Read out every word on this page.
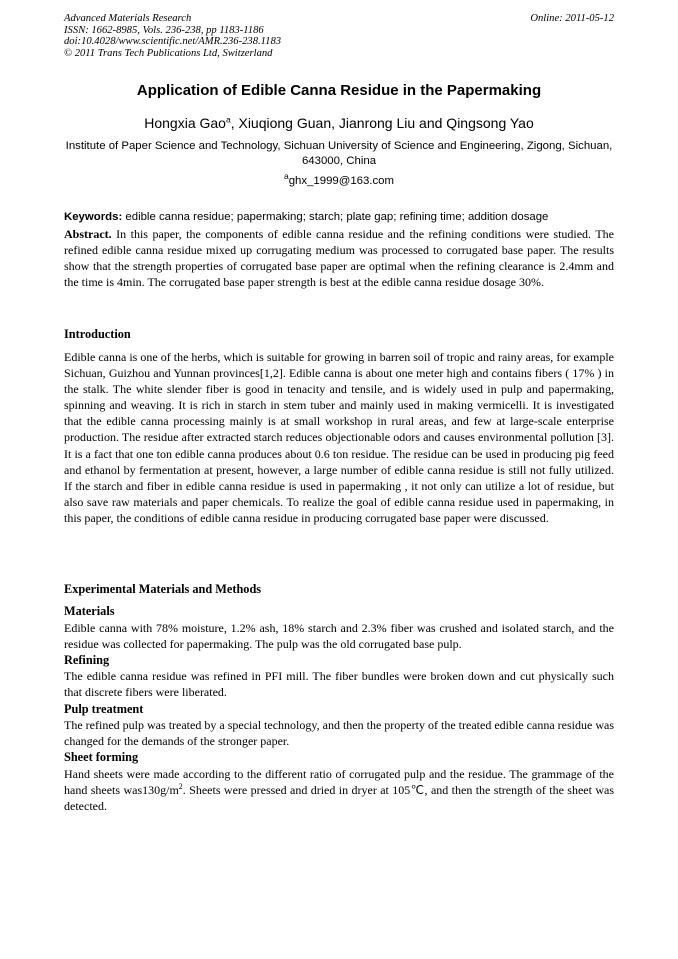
Advanced Materials Research
ISSN: 1662-8985, Vols. 236-238, pp 1183-1186
doi:10.4028/www.scientific.net/AMR.236-238.1183
© 2011 Trans Tech Publications Ltd, Switzerland
Online: 2011-05-12
Application of Edible Canna Residue in the Papermaking
Hongxia Gao$^a$, Xiuqiong Guan, Jianrong Liu and Qingsong Yao
Institute of Paper Science and Technology, Sichuan University of Science and Engineering, Zigong, Sichuan, 643000, China
$^a$ghx_1999@163.com
Keywords: edible canna residue; papermaking; starch; plate gap; refining time; addition dosage
Abstract. In this paper, the components of edible canna residue and the refining conditions were studied. The refined edible canna residue mixed up corrugating medium was processed to corrugated base paper. The results show that the strength properties of corrugated base paper are optimal when the refining clearance is 2.4mm and the time is 4min. The corrugated base paper strength is best at the edible canna residue dosage 30%.
Introduction
Edible canna is one of the herbs, which is suitable for growing in barren soil of tropic and rainy areas, for example Sichuan, Guizhou and Yunnan provinces[1,2]. Edible canna is about one meter high and contains fibers ( 17% ) in the stalk. The white slender fiber is good in tenacity and tensile, and is widely used in pulp and papermaking, spinning and weaving. It is rich in starch in stem tuber and mainly used in making vermicelli. It is investigated that the edible canna processing mainly is at small workshop in rural areas, and few at large-scale enterprise production. The residue after extracted starch reduces objectionable odors and causes environmental pollution [3]. It is a fact that one ton edible canna produces about 0.6 ton residue. The residue can be used in producing pig feed and ethanol by fermentation at present, however, a large number of edible canna residue is still not fully utilized. If the starch and fiber in edible canna residue is used in papermaking , it not only can utilize a lot of residue, but also save raw materials and paper chemicals. To realize the goal of edible canna residue used in papermaking, in this paper, the conditions of edible canna residue in producing corrugated base paper were discussed.
Experimental Materials and Methods
Materials
Edible canna with 78% moisture, 1.2% ash, 18% starch and 2.3% fiber was crushed and isolated starch, and the residue was collected for papermaking. The pulp was the old corrugated base pulp.
Refining
The edible canna residue was refined in PFI mill. The fiber bundles were broken down and cut physically such that discrete fibers were liberated.
Pulp treatment
The refined pulp was treated by a special technology, and then the property of the treated edible canna residue was changed for the demands of the stronger paper.
Sheet forming
Hand sheets were made according to the different ratio of corrugated pulp and the residue. The grammage of the hand sheets $was130g/m^2$. Sheets were pressed and dried in dryer at 105℃, and then the strength of the sheet was detected.
